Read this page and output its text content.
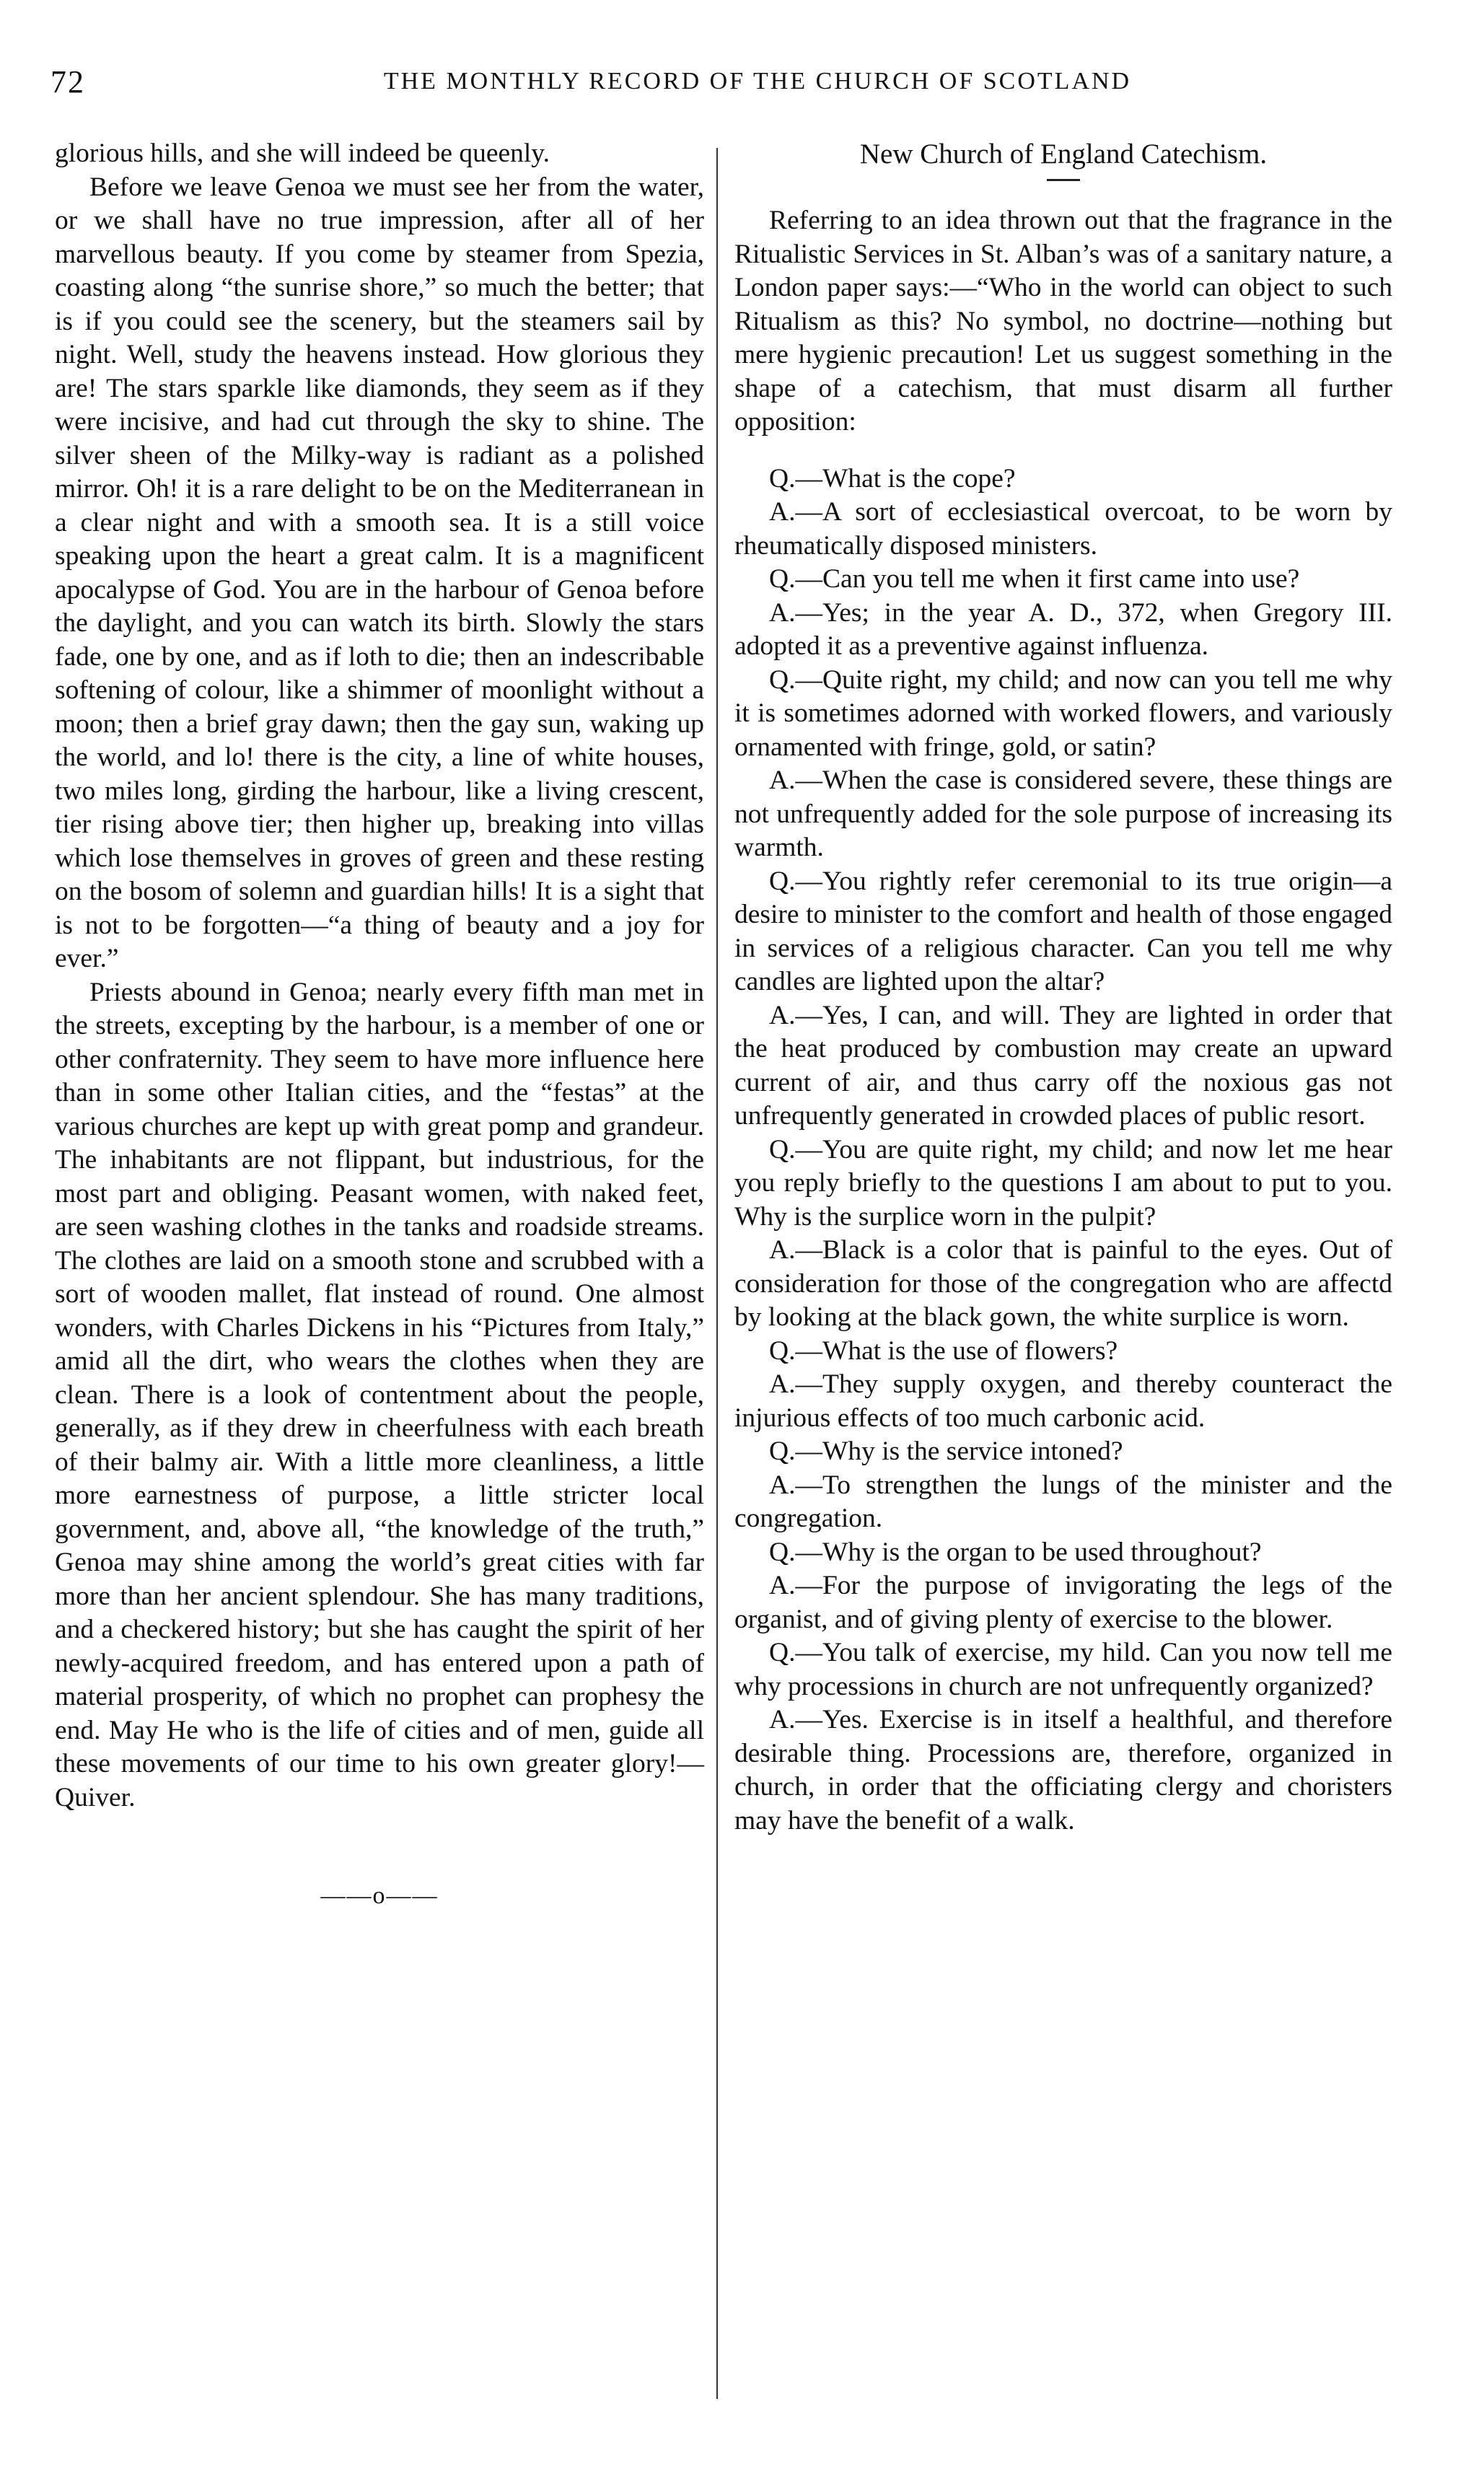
72	THE MONTHLY RECORD OF THE CHURCH OF SCOTLAND

glorious hills, and she will indeed be queenly.

Before we leave Genoa we must see her from the water, or we shall have no true impression, after all of her marvellous beauty. If you come by steamer from Spezia, coasting along “the sunrise shore,” so much the better; that is if you could see the scenery, but the steamers sail by night. Well, study the heavens instead. How glorious they are! The stars sparkle like diamonds, they seem as if they were incisive, and had cut through the sky to shine. The silver sheen of the Milky-way is radiant as a polished mirror. Oh! it is a rare delight to be on the Mediterranean in a clear night and with a smooth sea. It is a still voice speaking upon the heart a great calm. It is a magnificent apocalypse of God. You are in the harbour of Genoa before the daylight, and you can watch its birth. Slowly the stars fade, one by one, and as if loth to die; then an indescribable softening of colour, like a shimmer of moonlight without a moon; then a brief gray dawn; then the gay sun, waking up the world, and lo! there is the city, a line of white houses, two miles long, girding the harbour, like a living crescent, tier rising above tier; then higher up, breaking into villas which lose themselves in groves of green and these resting on the bosom of solemn and guardian hills! It is a sight that is not to be forgotten—“a thing of beauty and a joy for ever.”

Priests abound in Genoa; nearly every fifth man met in the streets, excepting by the harbour, is a member of one or other confraternity. They seem to have more influence here than in some other Italian cities, and the “festas” at the various churches are kept up with great pomp and grandeur. The inhabitants are not flippant, but industrious, for the most part and obliging. Peasant women, with naked feet, are seen washing clothes in the tanks and roadside streams. The clothes are laid on a smooth stone and scrubbed with a sort of wooden mallet, flat instead of round. One almost wonders, with Charles Dickens in his “Pictures from Italy,” amid all the dirt, who wears the clothes when they are clean. There is a look of contentment about the people, generally, as if they drew in cheerfulness with each breath of their balmy air. With a little more cleanliness, a little more earnestness of purpose, a little stricter local government, and, above all, “the knowledge of the truth,” Genoa may shine among the world’s great cities with far more than her ancient splendour. She has many traditions, and a checkered history; but she has caught the spirit of her newly-acquired freedom, and has entered upon a path of material prosperity, of which no prophet can prophesy the end. May He who is the life of cities and of men, guide all these movements of our time to his own greater glory!—Quiver.

——o——
New Church of England Catechism.

Referring to an idea thrown out that the fragrance in the Ritualistic Services in St. Alban’s was of a sanitary nature, a London paper says:—“Who in the world can object to such Ritualism as this? No symbol, no doctrine—nothing but mere hygienic precaution! Let us suggest something in the shape of a catechism, that must disarm all further opposition:

Q.—What is the cope?

A.—A sort of ecclesiastical overcoat, to be worn by rheumatically disposed ministers.

Q.—Can you tell me when it first came into use?

A.—Yes; in the year A. D., 372, when Gregory III. adopted it as a preventive against influenza.

Q.—Quite right, my child; and now can you tell me why it is sometimes adorned with worked flowers, and variously ornamented with fringe, gold, or satin?

A.—When the case is considered severe, these things are not unfrequently added for the sole purpose of increasing its warmth.

Q.—You rightly refer ceremonial to its true origin—a desire to minister to the comfort and health of those engaged in services of a religious character. Can you tell me why candles are lighted upon the altar?

A.—Yes, I can, and will. They are lighted in order that the heat produced by combustion may create an upward current of air, and thus carry off the noxious gas not unfrequently generated in crowded places of public resort.

Q.—You are quite right, my child; and now let me hear you reply briefly to the questions I am about to put to you. Why is the surplice worn in the pulpit?

A.—Black is a color that is painful to the eyes. Out of consideration for those of the congregation who are affectd by looking at the black gown, the white surplice is worn.

Q.—What is the use of flowers?

A.—They supply oxygen, and thereby counteract the injurious effects of too much carbonic acid.

Q.—Why is the service intoned?

A.—To strengthen the lungs of the minister and the congregation.

Q.—Why is the organ to be used throughout?

A.—For the purpose of invigorating the legs of the organist, and of giving plenty of exercise to the blower.

Q.—You talk of exercise, my hild. Can you now tell me why processions in church are not unfrequently organized?

A.—Yes. Exercise is in itself a healthful, and therefore desirable thing. Processions are, therefore, organized in church, in order that the officiating clergy and choristers may have the benefit of a walk.
